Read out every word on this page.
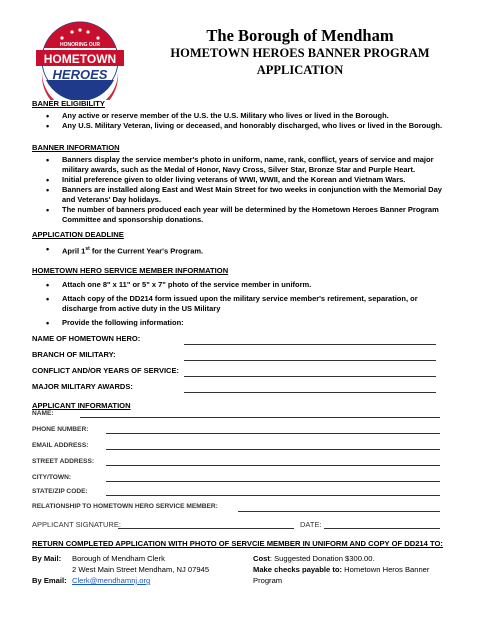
HONORING OUR
HOMETOWN
HEROES
The Borough of Mendham
HOMETOWN HEROES BANNER PROGRAM
APPLICATION
BANER ELIGIBILITY
• Any active or reserve member of the U.S. the U.S. Military who lives or lived in the Borough.
• Any U.S. Military Veteran, living or deceased, and honorably discharged, who lives or lived in the Borough.
BANNER INFORMATION
• Banners display the service member's photo in uniform, name, rank, conflict, years of service and major military awards, such as the Medal of Honor, Navy Cross, Silver Star, Bronze Star and Purple Heart.
• Initial preference given to older living veterans of WWI, WWII, and the Korean and Vietnam Wars.
• Banners are installed along East and West Main Street for two weeks in conjunction with the Memorial Day and Veterans' Day holidays.
• The number of banners produced each year will be determined by the Hometown Heroes Banner Program Committee and sponsorship donations.
APPLICATION DEADLINE
• April 1st for the Current Year's Program.
HOMETOWN HERO SERVICE MEMBER INFORMATION
• Attach one 8" x 11" or 5" x 7" photo of the service member in uniform.
• Attach copy of the DD214 form issued upon the military service member's retirement, separation, or discharge from active duty in the US Military
• Provide the following information:
NAME OF HOMETOWN HERO:
BRANCH OF MILITARY:
CONFLICT AND/OR YEARS OF SERVICE:
MAJOR MILITARY AWARDS:
APPLICANT INFORMATION
NAME:
PHONE NUMBER:
EMAIL ADDRESS:
STREET ADDRESS:
CITY/TOWN:
STATE/ZIP CODE:
RELATIONSHIP TO HOMETOWN HERO SERVICE MEMBER:
APPLICANT SIGNATURE:	DATE:
RETURN COMPLETED APPLICATION WITH PHOTO OF SERVCIE MEMBER IN UNIFORM AND COPY OF DD214 TO:
By Mail: Borough of Mendham Clerk
2 West Main Street Mendham, NJ 07945
By Email: Clerk@mendhamnj.org
Cost: Suggested Donation $300.00.
Make checks payable to: Hometown Heros Banner Program
